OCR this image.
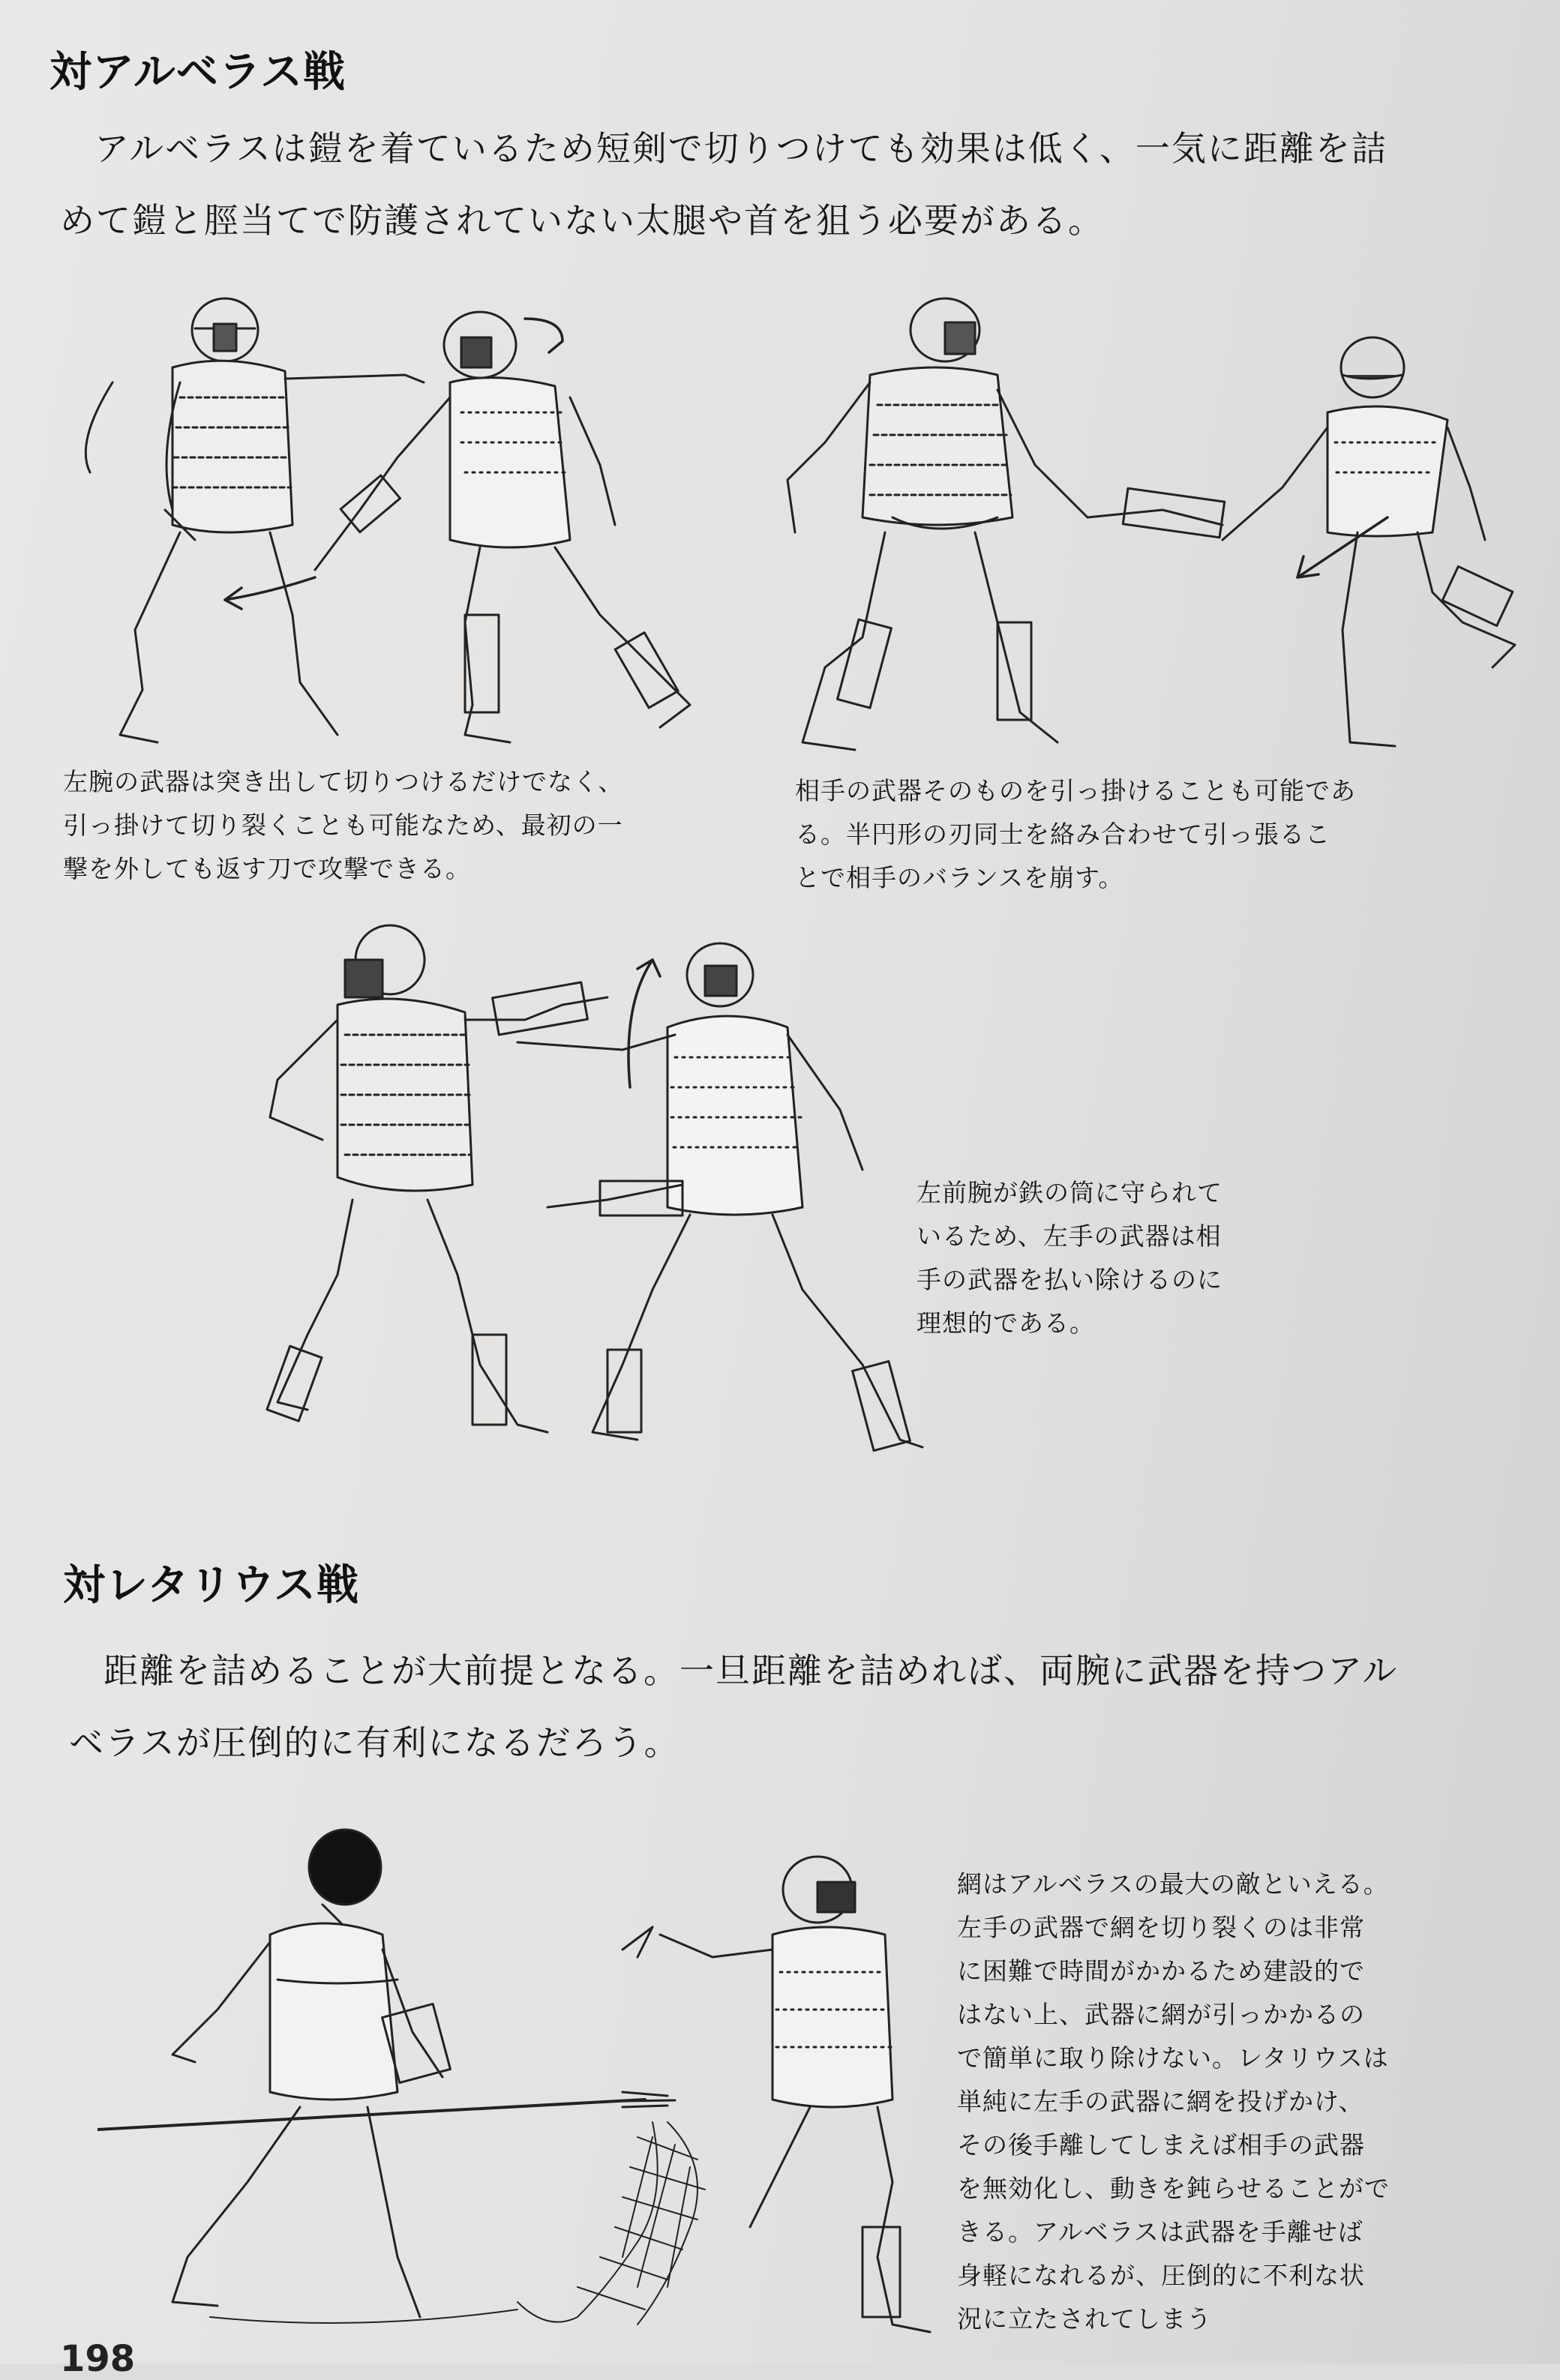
対アルベラス戦

アルベラスは鎧を着ているため短剣で切りつけても効果は低く、一気に距離を詰

めて鎧と脛当てで防護されていない太腿や首を狙う必要がある。

左腕の武器は突き出して切りつけるだけでなく、
引っ掛けて切り裂くことも可能なため、最初の一
撃を外しても返す刀で攻撃できる。
相手の武器そのものを引っ掛けることも可能であ
る。半円形の刃同士を絡み合わせて引っ張るこ
とで相手のバランスを崩す。
左前腕が鉄の筒に守られて
いるため、左手の武器は相
手の武器を払い除けるのに
理想的である。
対レタリウス戦

距離を詰めることが大前提となる。一旦距離を詰めれば、両腕に武器を持つアル

ベラスが圧倒的に有利になるだろう。

網はアルベラスの最大の敵といえる。
左手の武器で網を切り裂くのは非常
に困難で時間がかかるため建設的で
はない上、武器に網が引っかかるの
で簡単に取り除けない。レタリウスは
単純に左手の武器に網を投げかけ、
その後手離してしまえば相手の武器
を無効化し、動きを鈍らせることがで
きる。アルベラスは武器を手離せば
身軽になれるが、圧倒的に不利な状
況に立たされてしまう
198
